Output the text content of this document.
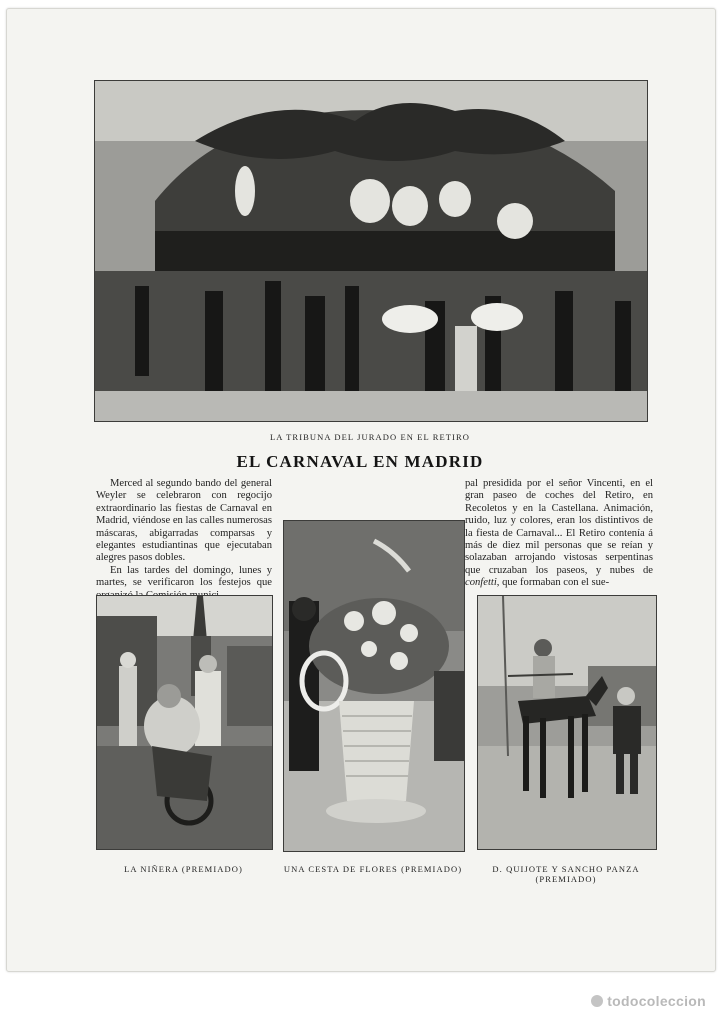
LA TRIBUNA DEL JURADO EN EL RETIRO
EL CARNAVAL EN MADRID

Merced al segundo bando del general Weyler se celebraron con regocijo extraordinario las fiestas de Carnaval en Madrid, viéndose en las calles numerosas máscaras, abigarradas comparsas y elegantes estudiantinas que ejecutaban alegres pasos dobles.

En las tardes del domingo, lunes y martes, se verificaron los festejos que

pal presidida por el señor Vincenti, en el gran paseo de coches del Retiro, en Recoletos y en la Castellana. Animación, ruido, luz y colores, eran los distintivos de la fiesta de Carnaval... El Retiro contenía á más de diez mil personas que se reían y solazaban arrojando vistosas serpentinas que cruzaban los paseos, y nubes de confetti, que formaban con el sue-

UNA CESTA DE FLORES (PREMIADO)
LA NIÑERA (PREMIADO)	D. QUIJOTE Y SANCHO PANZA (PREMIADO)
todocoleccion
